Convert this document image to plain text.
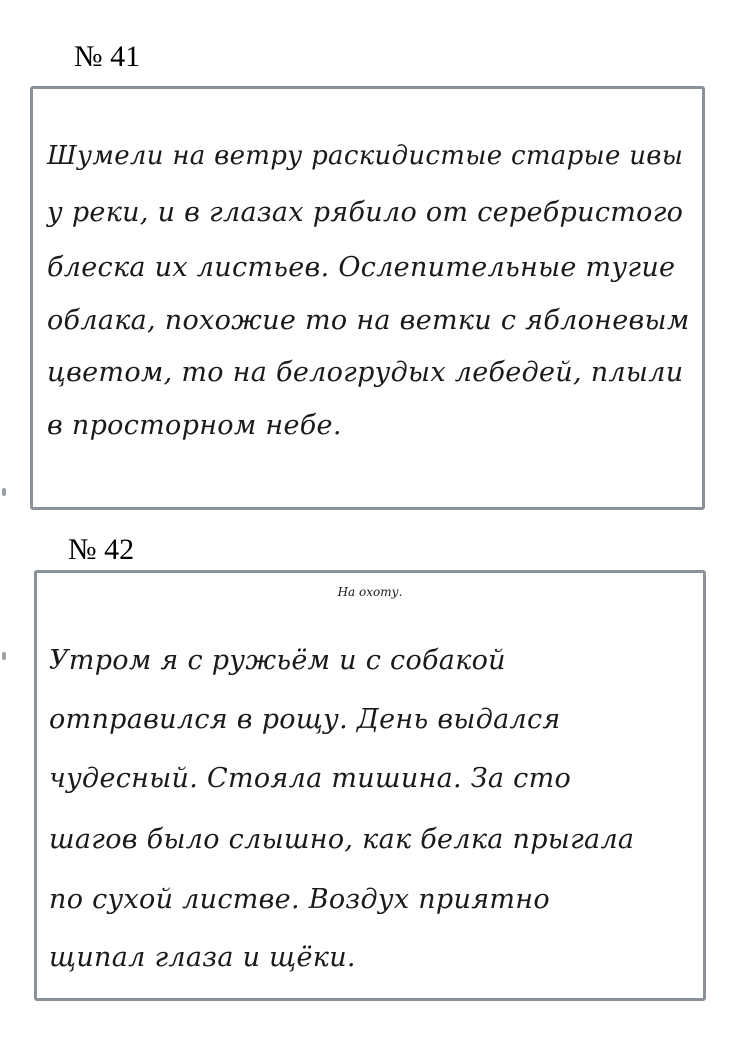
№ 41
Шумели на ветру раскидистые старые ивы
у реки, и в глазах рябило от серебристого
блеска их листьев. Ослепительные тугие
облака, похожие то на ветки с яблоневым
цветом, то на белогрудых лебедей, плыли
в просторном небе.
№ 42
На охоту.
Утром я с ружьём и с собакой
отправился в рощу. День выдался
чудесный. Стояла тишина. За сто
шагов было слышно, как белка прыгала
по сухой листве. Воздух приятно
щипал глаза и щёки.
